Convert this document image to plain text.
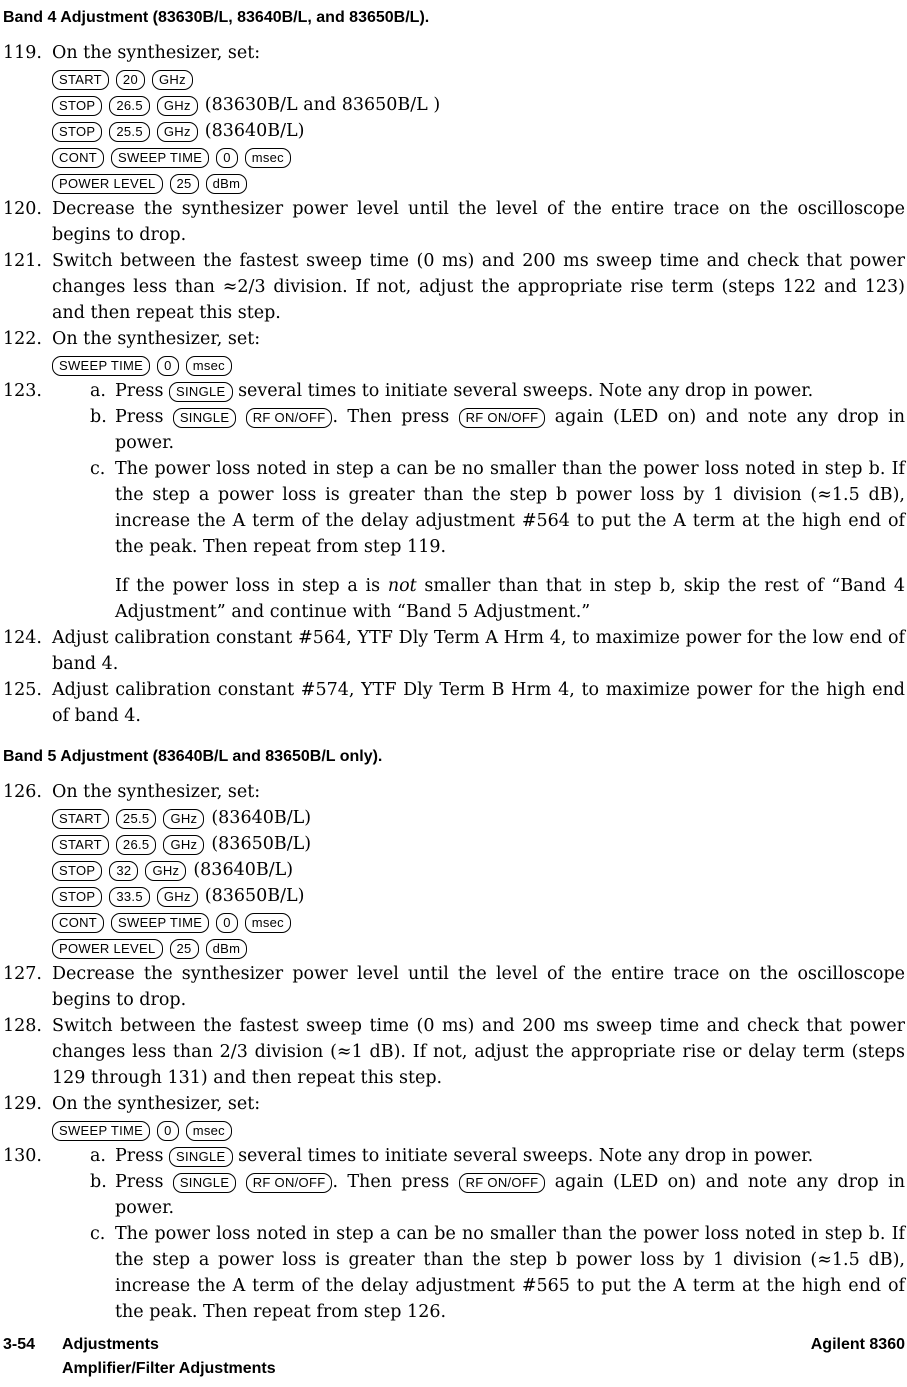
Band 4 Adjustment (83630B/L, 83640B/L, and 83650B/L).
119. On the synthesizer, set:
START 20 GHz
STOP 26.5 GHz (83630B/L and 83650B/L )
STOP 25.5 GHz (83640B/L)
CONT SWEEP TIME 0 msec
POWER LEVEL 25 dBm
120. Decrease the synthesizer power level until the level of the entire trace on the oscilloscope begins to drop.
121. Switch between the fastest sweep time (0 ms) and 200 ms sweep time and check that power changes less than ≈2/3 division. If not, adjust the appropriate rise term (steps 122 and 123) and then repeat this step.
122. On the synthesizer, set:
SWEEP TIME 0 msec
123.	a. Press SINGLE several times to initiate several sweeps. Note any drop in power.
b. Press SINGLE RF ON/OFF . Then press RF ON/OFF again (LED on) and note any drop in power.
c. The power loss noted in step a can be no smaller than the power loss noted in step b. If the step a power loss is greater than the step b power loss by 1 division (≈1.5 dB), increase the A term of the delay adjustment #564 to put the A term at the high end of the peak. Then repeat from step 119.
If the power loss in step a is not smaller than that in step b, skip the rest of “Band 4 Adjustment” and continue with “Band 5 Adjustment.”
124. Adjust calibration constant #564, YTF Dly Term A Hrm 4, to maximize power for the low end of band 4.
125. Adjust calibration constant #574, YTF Dly Term B Hrm 4, to maximize power for the high end of band 4.
Band 5 Adjustment (83640B/L and 83650B/L only).
126. On the synthesizer, set:
START 25.5 GHz (83640B/L)
START 26.5 GHz (83650B/L)
STOP 32 GHz (83640B/L)
STOP 33.5 GHz (83650B/L)
CONT SWEEP TIME 0 msec
POWER LEVEL 25 dBm
127. Decrease the synthesizer power level until the level of the entire trace on the oscilloscope begins to drop.
128. Switch between the fastest sweep time (0 ms) and 200 ms sweep time and check that power changes less than 2/3 division (≈1 dB). If not, adjust the appropriate rise or delay term (steps 129 through 131) and then repeat this step.
129. On the synthesizer, set:
SWEEP TIME 0 msec
130.	a. Press SINGLE several times to initiate several sweeps. Note any drop in power.
b. Press SINGLE RF ON/OFF . Then press RF ON/OFF again (LED on) and note any drop in power.
c. The power loss noted in step a can be no smaller than the power loss noted in step b. If the step a power loss is greater than the step b power loss by 1 division (≈1.5 dB), increase the A term of the delay adjustment #565 to put the A term at the high end of the peak. Then repeat from step 126.
3-54 Adjustments
Amplifier/Filter Adjustments
Agilent 8360
